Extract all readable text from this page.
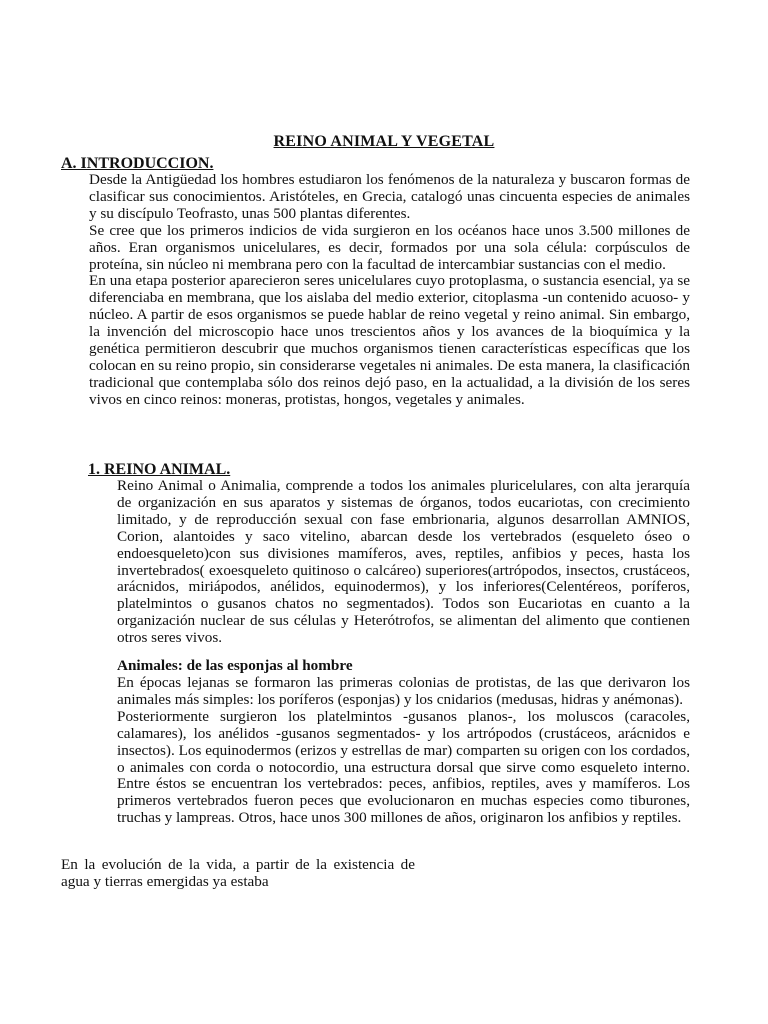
REINO ANIMAL Y VEGETAL
A. INTRODUCCION.

Desde la Antigüedad los hombres estudiaron los fenómenos de la naturaleza y buscaron formas de clasificar sus conocimientos. Aristóteles, en Grecia, catalogó unas cincuenta especies de animales y su discípulo Teofrasto, unas 500 plantas diferentes.

Se cree que los primeros indicios de vida surgieron en los océanos hace unos 3.500 millones de años. Eran organismos unicelulares, es decir, formados por una sola célula: corpúsculos de proteína, sin núcleo ni membrana pero con la facultad de intercambiar sustancias con el medio.

En una etapa posterior aparecieron seres unicelulares cuyo protoplasma, o sustancia esencial, ya se diferenciaba en membrana, que los aislaba del medio exterior, citoplasma -un contenido acuoso- y núcleo. A partir de esos organismos se puede hablar de reino vegetal y reino animal. Sin embargo, la invención del microscopio hace unos trescientos años y los avances de la bioquímica y la genética permitieron descubrir que muchos organismos tienen características específicas que los colocan en su reino propio, sin considerarse vegetales ni animales. De esta manera, la clasificación tradicional que contemplaba sólo dos reinos dejó paso, en la actualidad, a la división de los seres vivos en cinco reinos: moneras, protistas, hongos, vegetales y animales.

1. REINO ANIMAL.

Reino Animal o Animalia, comprende a todos los animales pluricelulares, con alta jerarquía de organización en sus aparatos y sistemas de órganos, todos eucariotas, con crecimiento limitado, y de reproducción sexual con fase embrionaria, algunos desarrollan AMNIOS, Corion, alantoides y saco vitelino, abarcan desde los vertebrados (esqueleto óseo o endoesqueleto)con sus divisiones mamíferos, aves, reptiles, anfibios y peces, hasta los invertebrados( exoesqueleto quitinoso o calcáreo) superiores(artrópodos, insectos, crustáceos, arácnidos, miriápodos, anélidos, equinodermos), y los inferiores(Celentéreos, poríferos, platelmintos o gusanos chatos no segmentados). Todos son Eucariotas en cuanto a la organización nuclear de sus células y Heterótrofos, se alimentan del alimento que contienen otros seres vivos.

Animales: de las esponjas al hombre

En épocas lejanas se formaron las primeras colonias de protistas, de las que derivaron los animales más simples: los poríferos (esponjas) y los cnidarios (medusas, hidras y anémonas).

Posteriormente surgieron los platelmintos -gusanos planos-, los moluscos (caracoles, calamares), los anélidos -gusanos segmentados- y los artrópodos (crustáceos, arácnidos e insectos). Los equinodermos (erizos y estrellas de mar) comparten su origen con los cordados, o animales con corda o notocordio, una estructura dorsal que sirve como esqueleto interno. Entre éstos se encuentran los vertebrados: peces, anfibios, reptiles, aves y mamíferos. Los primeros vertebrados fueron peces que evolucionaron en muchas especies como tiburones, truchas y lampreas. Otros, hace unos 300 millones de años, originaron los anfibios y reptiles.

En la evolución de la vida, a partir de la existencia de agua y tierras emergidas ya estaba
